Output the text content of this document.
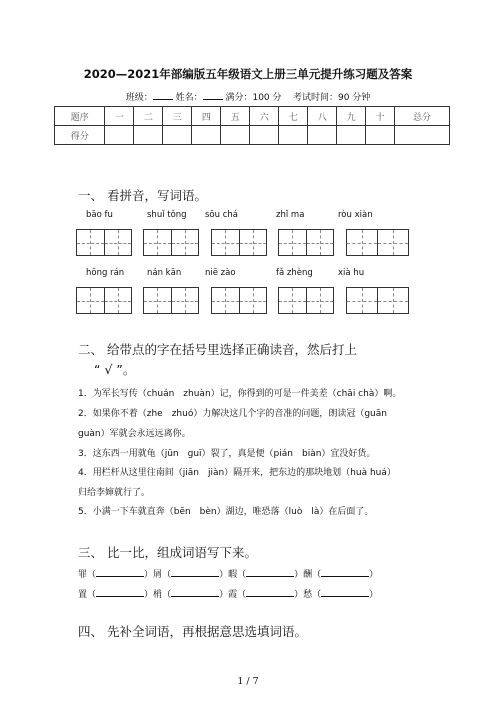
2020—2021年部编版五年级语文上册三单元提升练习题及答案
班级：	姓名：	满分：100 分 考试时间：90 分钟
题序	一	二	三	四	五	六	七	八	九	十	总分
得分											
一、 看拼音，写词语。
bāo fu	shuǐ tǒng sōu chá	zhǐ ma	ròu xiàn
hōng rán	nán kān	niē zào	fǎ zhèng	xià hu
二、 给带点的字在括号里选择正确读音，然后打上
“ √ ”。
1．为军长写传（chuán　zhuàn）记，你得到的可是一件美差（chāi chà）啊。
2．如果你不着（zhe　zhuó）力解决这几个字的音准的问题，朗读冠（guān
guàn）军就会永远远离你。
3．这东西一用就龟（jūn　guī）裂了，真是便（pián　biàn）宜没好货。
4．用栏杆从这里往南间（jiān　jiàn）隔开来，把东边的那块地划（huà huá）
归给李婶就行了。
5．小满一下车就直奔（bēn　bèn）湖边，唯恐落（luò　là）在后面了。
三、 比一比，组成词语写下来。
罪（	）屑（	）暇（	）酬（	）
置（	）梢（	）霞（	）愁（	）
四、 先补全词语，再根据意思选填词语。
1 / 7
